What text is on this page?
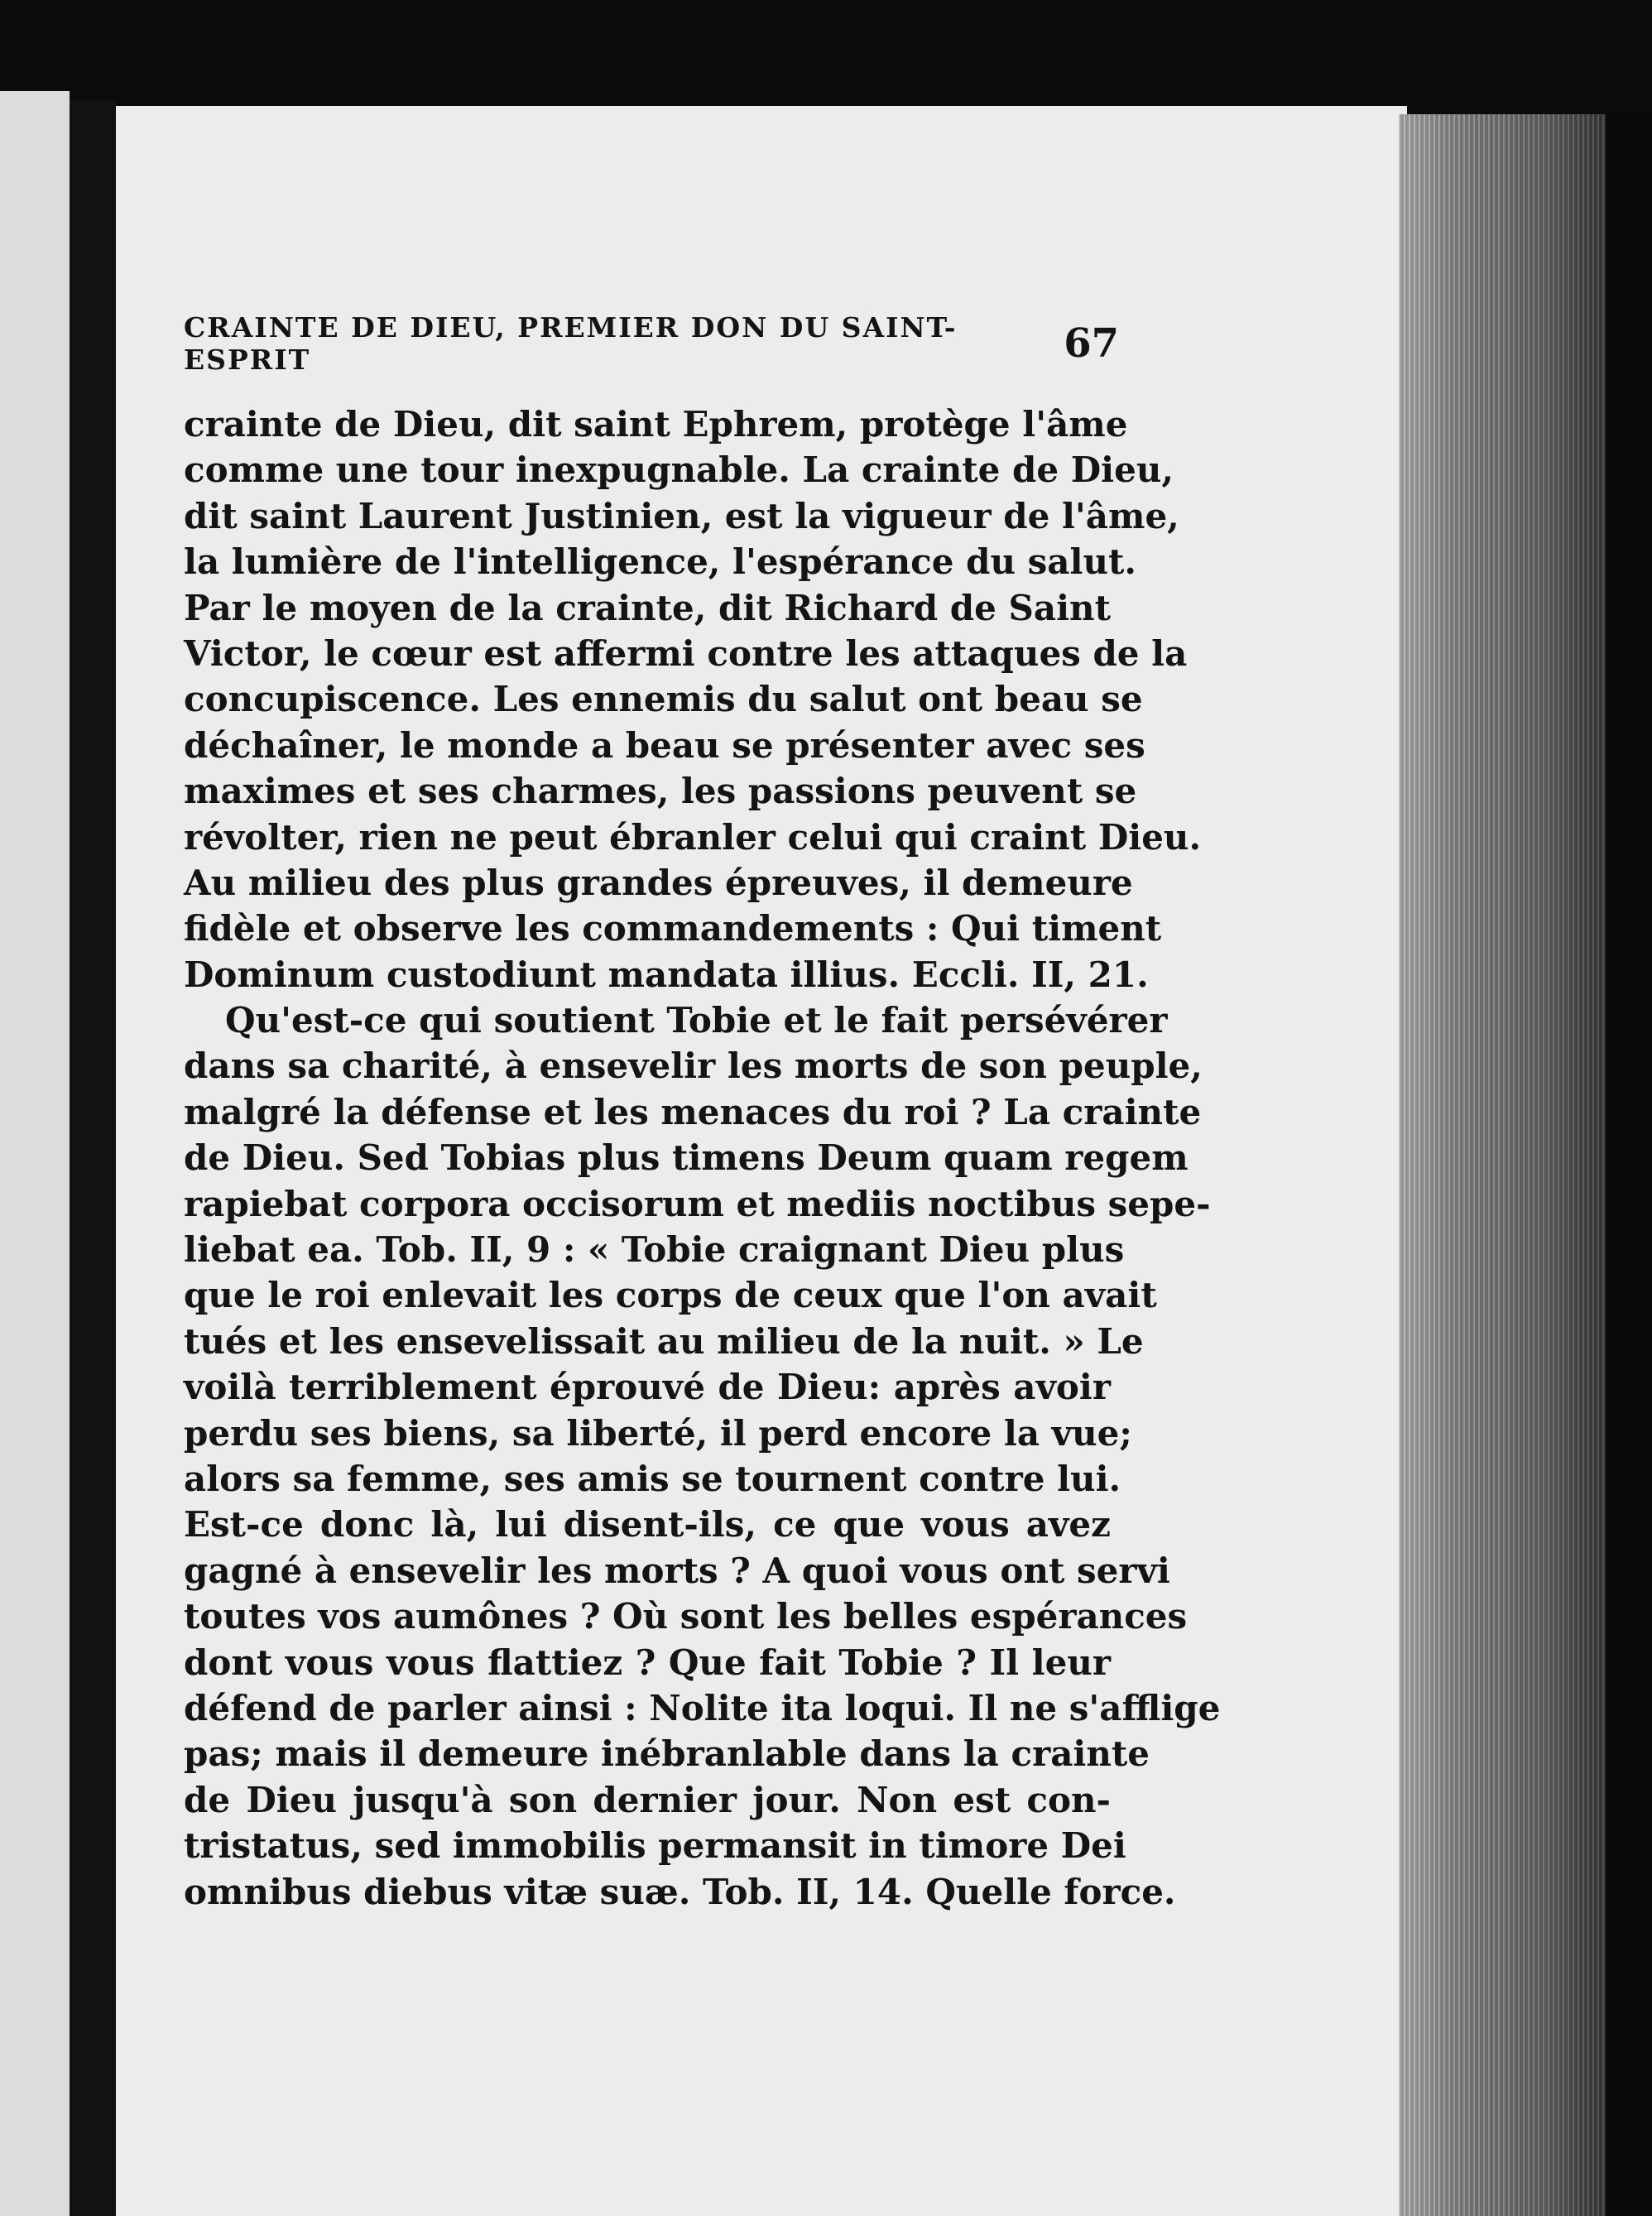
CRAINTE DE DIEU, PREMIER DON DU SAINT-ESPRIT	67
crainte de Dieu, dit saint Ephrem, protège l'âme
comme une tour inexpugnable. La crainte de Dieu,
dit saint Laurent Justinien, est la vigueur de l'âme,
la lumière de l'intelligence, l'espérance du salut.
Par le moyen de la crainte, dit Richard de Saint
Victor, le cœur est affermi contre les attaques de la
concupiscence. Les ennemis du salut ont beau se
déchaîner, le monde a beau se présenter avec ses
maximes et ses charmes, les passions peuvent se
révolter, rien ne peut ébranler celui qui craint Dieu.
Au milieu des plus grandes épreuves, il demeure
fidèle et observe les commandements : Qui timent
Dominum custodiunt mandata illius. Eccli. II, 21.
Qu'est-ce qui soutient Tobie et le fait persévérer
dans sa charité, à ensevelir les morts de son peuple,
malgré la défense et les menaces du roi ? La crainte
de Dieu. Sed Tobias plus timens Deum quam regem
rapiebat corpora occisorum et mediis noctibus sepe-
liebat ea. Tob. II, 9 : « Tobie craignant Dieu plus
que le roi enlevait les corps de ceux que l'on avait
tués et les ensevelissait au milieu de la nuit. » Le
voilà terriblement éprouvé de Dieu: après avoir
perdu ses biens, sa liberté, il perd encore la vue;
alors sa femme, ses amis se tournent contre lui.
Est-ce donc là, lui disent-ils, ce que vous avez
gagné à ensevelir les morts ? A quoi vous ont servi
toutes vos aumônes ? Où sont les belles espérances
dont vous vous flattiez ? Que fait Tobie ? Il leur
défend de parler ainsi : Nolite ita loqui. Il ne s'afflige
pas; mais il demeure inébranlable dans la crainte
de Dieu jusqu'à son dernier jour. Non est con-
tristatus, sed immobilis permansit in timore Dei
omnibus diebus vitæ suæ. Tob. II, 14. Quelle force.
